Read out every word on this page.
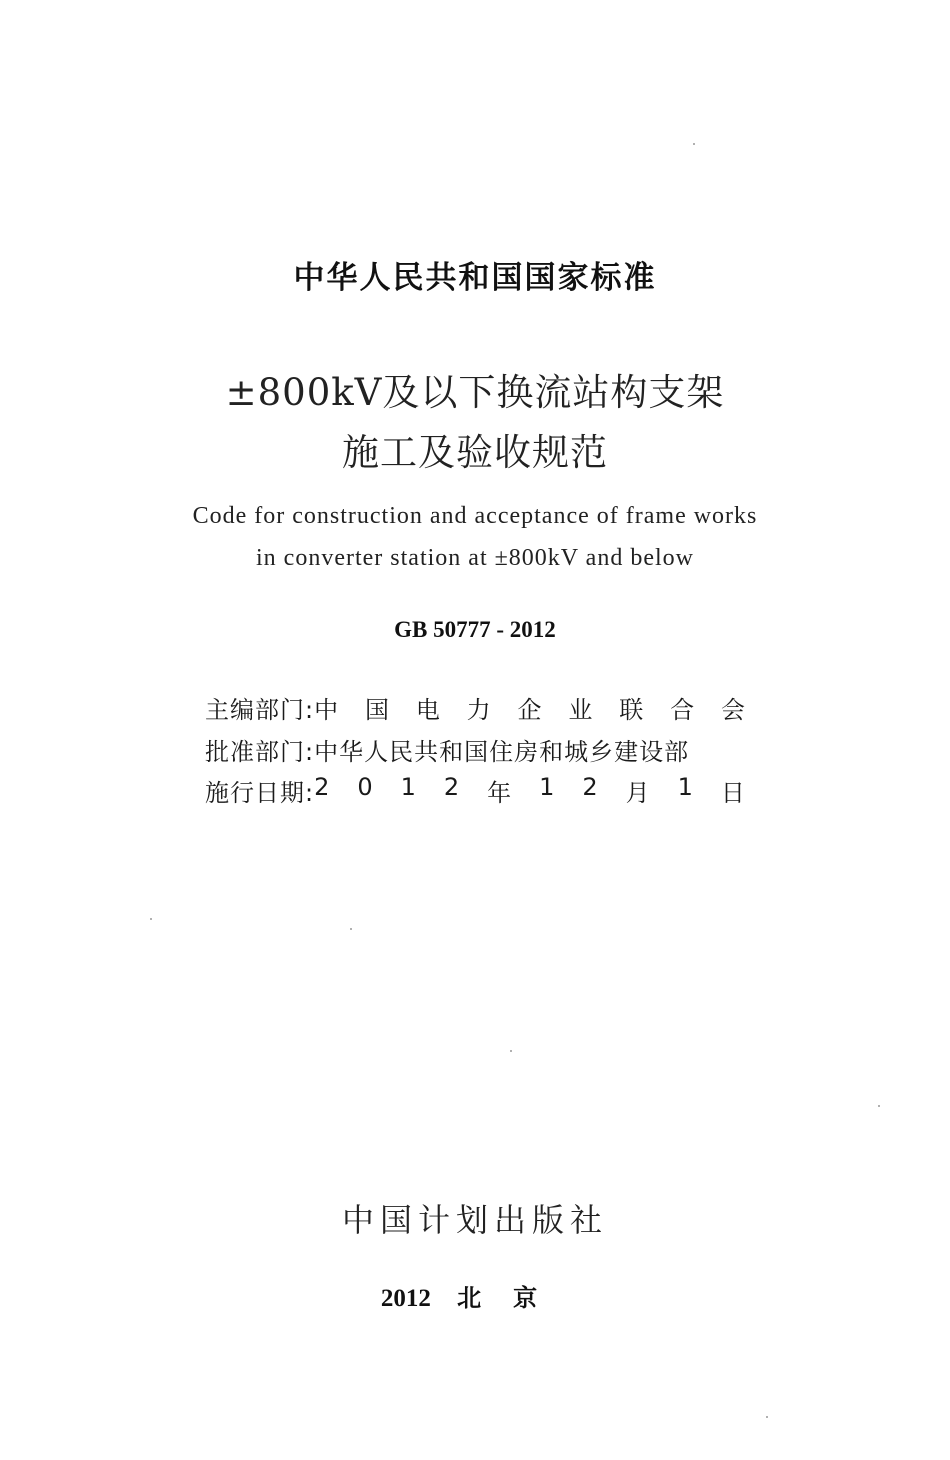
中华人民共和国国家标准
±800kV及以下换流站构支架
施工及验收规范
Code for construction and acceptance of frame works
in converter station at ±800kV and below
GB 50777 - 2012
主编部门: 中 国 电 力 企 业 联 合 会
批准部门: 中华人民共和国住房和城乡建设部
施行日期: 2 0 1 2 年 1 2 月 1 日
中国计划出版社
2012 北京
